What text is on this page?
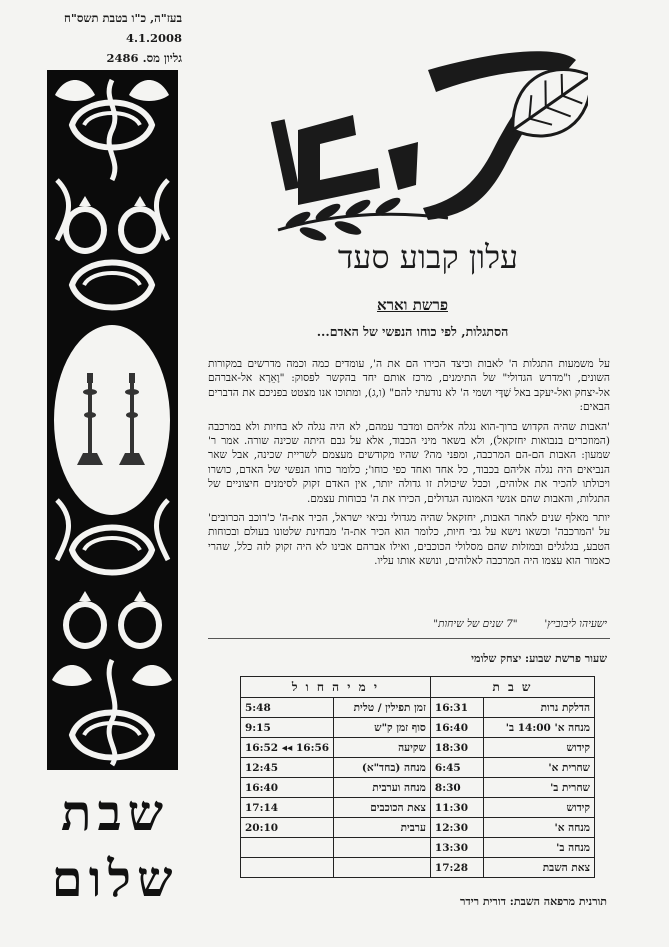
בעז"ה, כ"ו בטבת תשס"ח
4.1.2008
גליון מס. 2486
שבת
שלום
עלון קבוע סעד
עלים
פרשת וארא
הסתגלות, לפי כוחו הנפשי של האדם...

על משמעות התגלות ה' לאבות וכיצד הכירו הם את ה', עומדים כמה וכמה מדרשים במקורות השונים, ו"מדרש הגדולי" של התימנים, מרכז אותם יחד בהקשר לפסוק: "וָאֵרָא אל-אברהם אל-יצחק ואל-יעקב באל שַׁדָּי ושמי ה' לא נודעתי להם" (ו,ג), ומתוכו אנו מצטט בפניכם את הדברים הבאים:

'האבות שהיה הקדוש ברוך-הוא נגלה אליהם ומדבר עמהם, לא היה נגלה לא בחיות ולא במרכבה (המוזכרים בנבואות יחזקאל), ולא בשאר מיני הכבוד, אלא על גבם היתה שכינה שורה. אמר ר' שמעון: האבות הם-הם המרכבה, ומפני מה? שהיו מקודשים מעצמם לשריית שכינה, אבל שאר הנביאים היה נגלה אליהם בכבוד, כל אחד ואחד כפי כוחו'; כלומר כוחו הנפשי של האדם, כושרו ויכולתו להכיר את אלוהים, וככל שיכולת זו גדולה יותר, אין האדם זקוק לסימנים חיצוניים של התגלות, והאבות שהם אנשי האמונה הגדולים, הכירו את ה' בכוחות עצמם.

יותר מאלף שנים לאחר האבות, יחזקאל שהיה מגדולי נביאי ישראל, הכיר את-ה' כ'רוכב הכרובים' על 'המרכבה' וכשאו נישא על גבי חיות, כלומר הוא הכיר את-ה' מבחינת שלטונו בעולם ובכוחות הטבע, בגלגלים ובמזלות שהם מסלולי הכוכבים, ואילו אברהם אבינו לא היה זקוק לזה כלל, שהרי כאמור הוא עצמו היה המרכבה לאלוהים, ונושא אותו עליו.

ישעיהו ליבוביץ'        "7 שנים של שיחות"
שעור פרשת שבוע: יצחק שלומי
ש ב ת		י מ י ה ח ו ל	
הדלקת נרות	16:31	זמן תפילין / טלית	5:48
מנחה א' 14:00 ב'	16:40	סוף זמן ק"ש	9:15
קידוש	18:30	שקיעה	16:52 ◂◂ 16:56
שחרית א'	6:45	מנחה (בחד"א)	12:45
שחרית ב'	8:30	מנחה וערבית	16:40
קידוש	11:30	צאת הכוכבים	17:14
מנחה א'	12:30	ערבית	20:10
מנחה ב'	13:30		
צאת השבת	17:28		
תורנית מרפאה השבת: דורית רידר
